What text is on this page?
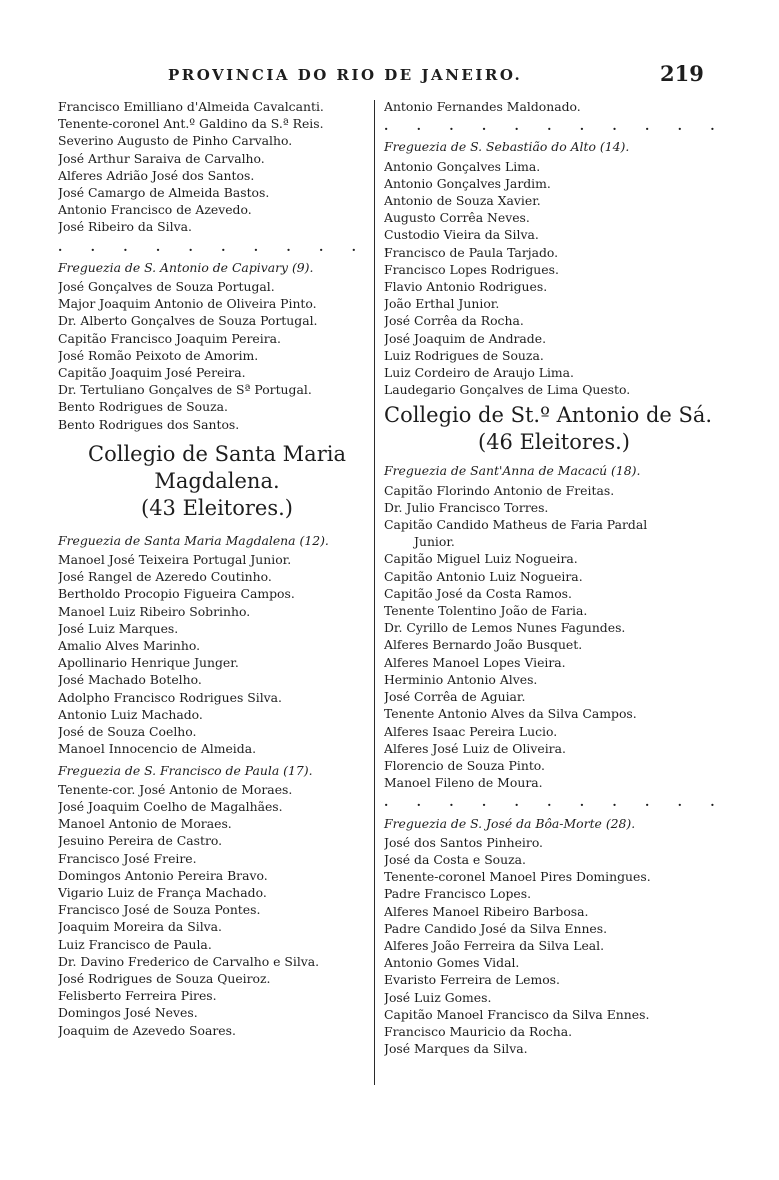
PROVINCIA DO RIO DE JANEIRO.	219
Francisco Emilliano d'Almeida Cavalcanti.
Tenente-coronel Ant.º Galdino da S.ª Reis.
Severino Augusto de Pinho Carvalho.
José Arthur Saraiva de Carvalho.
Alferes Adrião José dos Santos.
José Camargo de Almeida Bastos.
Antonio Francisco de Azevedo.
José Ribeiro da Silva.
. . . . . . . . . . .
Freguezia de S. Antonio de Capivary (9).
José Gonçalves de Souza Portugal.
Major Joaquim Antonio de Oliveira Pinto.
Dr. Alberto Gonçalves de Souza Portugal.
Capitão Francisco Joaquim Pereira.
José Romão Peixoto de Amorim.
Capitão Joaquim José Pereira.
Dr. Tertuliano Gonçalves de Sª Portugal.
Bento Rodrigues de Souza.
Bento Rodrigues dos Santos.
Collegio de Santa Maria
Magdalena.
(43 Eleitores.)
Freguezia de Santa Maria Magdalena (12).
Manoel José Teixeira Portugal Junior.
José Rangel de Azeredo Coutinho.
Bertholdo Procopio Figueira Campos.
Manoel Luiz Ribeiro Sobrinho.
José Luiz Marques.
Amalio Alves Marinho.
Apollinario Henrique Junger.
José Machado Botelho.
Adolpho Francisco Rodrigues Silva.
Antonio Luiz Machado.
José de Souza Coelho.
Manoel Innocencio de Almeida.
Freguezia de S. Francisco de Paula (17).
Tenente-cor. José Antonio de Moraes.
José Joaquim Coelho de Magalhães.
Manoel Antonio de Moraes.
Jesuino Pereira de Castro.
Francisco José Freire.
Domingos Antonio Pereira Bravo.
Vigario Luiz de França Machado.
Francisco José de Souza Pontes.
Joaquim Moreira da Silva.
Luiz Francisco de Paula.
Dr. Davino Frederico de Carvalho e Silva.
José Rodrigues de Souza Queiroz.
Felisberto Ferreira Pires.
Domingos José Neves.
Joaquim de Azevedo Soares.
Antonio Fernandes Maldonado.
. . . . . . . . . . .
Freguezia de S. Sebastião do Alto (14).
Antonio Gonçalves Lima.
Antonio Gonçalves Jardim.
Antonio de Souza Xavier.
Augusto Corrêa Neves.
Custodio Vieira da Silva.
Francisco de Paula Tarjado.
Francisco Lopes Rodrigues.
Flavio Antonio Rodrigues.
João Erthal Junior.
José Corrêa da Rocha.
José Joaquim de Andrade.
Luiz Rodrigues de Souza.
Luiz Cordeiro de Araujo Lima.
Laudegario Gonçalves de Lima Questo.
Collegio de St.º Antonio de Sá.
(46 Eleitores.)
Freguezia de Sant'Anna de Macacú (18).
Capitão Florindo Antonio de Freitas.
Dr. Julio Francisco Torres.
Capitão Candido Matheus de Faria Pardal
Junior.
Capitão Miguel Luiz Nogueira.
Capitão Antonio Luiz Nogueira.
Capitão José da Costa Ramos.
Tenente Tolentino João de Faria.
Dr. Cyrillo de Lemos Nunes Fagundes.
Alferes Bernardo João Busquet.
Alferes Manoel Lopes Vieira.
Herminio Antonio Alves.
José Corrêa de Aguiar.
Tenente Antonio Alves da Silva Campos.
Alferes Isaac Pereira Lucio.
Alferes José Luiz de Oliveira.
Florencio de Souza Pinto.
Manoel Fileno de Moura.
. . . . . . . . . . .
Freguezia de S. José da Bôa-Morte (28).
José dos Santos Pinheiro.
José da Costa e Souza.
Tenente-coronel Manoel Pires Domingues.
Padre Francisco Lopes.
Alferes Manoel Ribeiro Barbosa.
Padre Candido José da Silva Ennes.
Alferes João Ferreira da Silva Leal.
Antonio Gomes Vidal.
Evaristo Ferreira de Lemos.
José Luiz Gomes.
Capitão Manoel Francisco da Silva Ennes.
Francisco Mauricio da Rocha.
José Marques da Silva.
